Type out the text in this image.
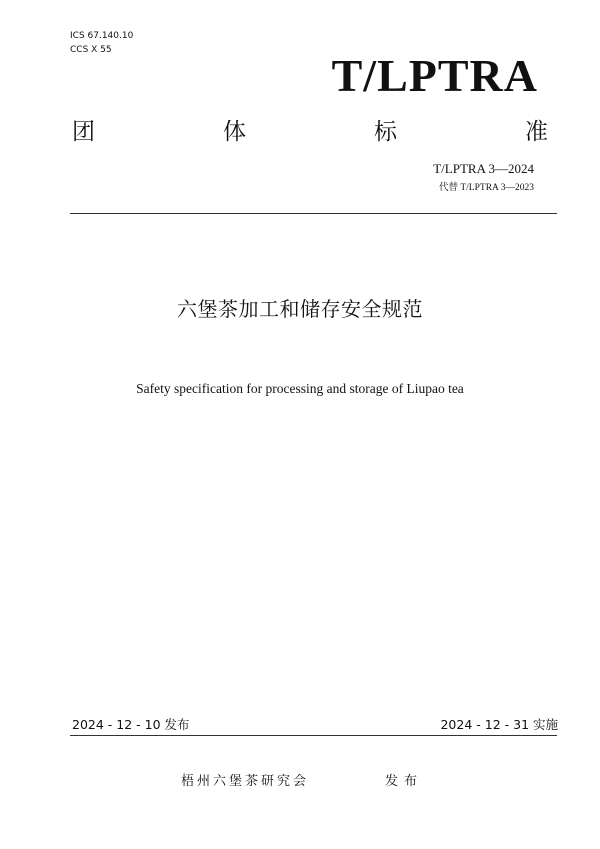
ICS 67.140.10
CCS X 55	T/LPTRA
团	体	标	准
T/LPTRA 3—2024
代替 T/LPTRA 3—2023
六堡茶加工和储存安全规范
Safety specification for processing and storage of Liupao tea
2024 - 12 - 10 发布	2024 - 12 - 31 实施
梧州六堡茶研究会	发布
